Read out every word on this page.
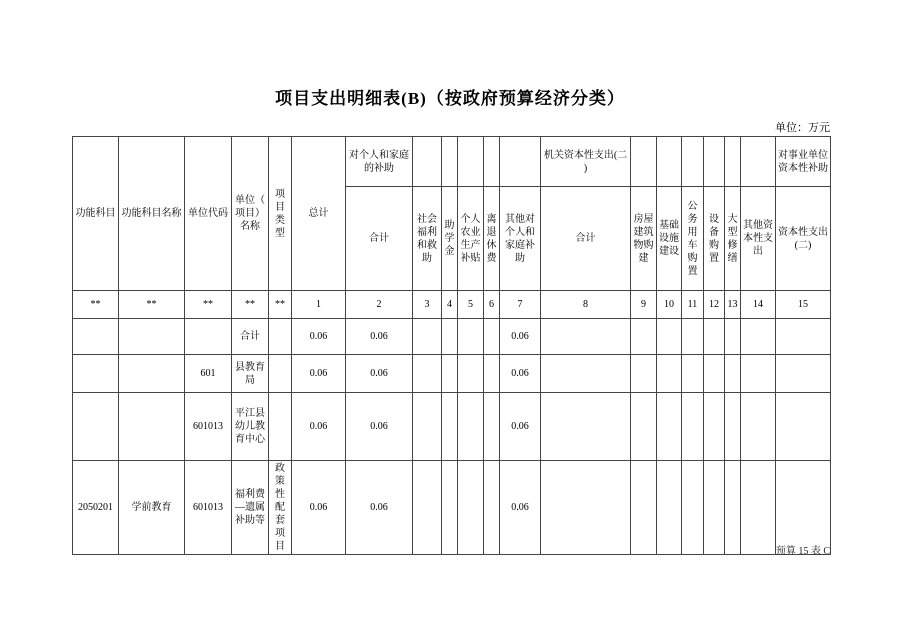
项目支出明细表(B)（按政府预算经济分类）
单位：万元
功能科目	功能科目名称	单位代码	单位（项目）名称	项目类型	总计	对个人和家庭的补助						机关资本性支出(二)							对事业单位资本性补助
						合计	社会福利和救助	助学金	个人农业生产补贴	离退休费	其他对个人和家庭补助	合计	房屋建筑物购建	基础设施建设	公务用车购置	设备购置	大型修缮	其他资本性支出	资本性支出(二)
**	**	**	**	**	1	2	3	4	5	6	7	8	9	10	11	12	13	14	15
			合计		0.06	0.06					0.06								
		601	县教育局		0.06	0.06					0.06								
		601013	平江县幼儿教育中心		0.06	0.06					0.06								
2050201	学前教育	601013	福利费—遗属补助等	政策性配套项目	0.06	0.06					0.06								
预算 15 表 C
